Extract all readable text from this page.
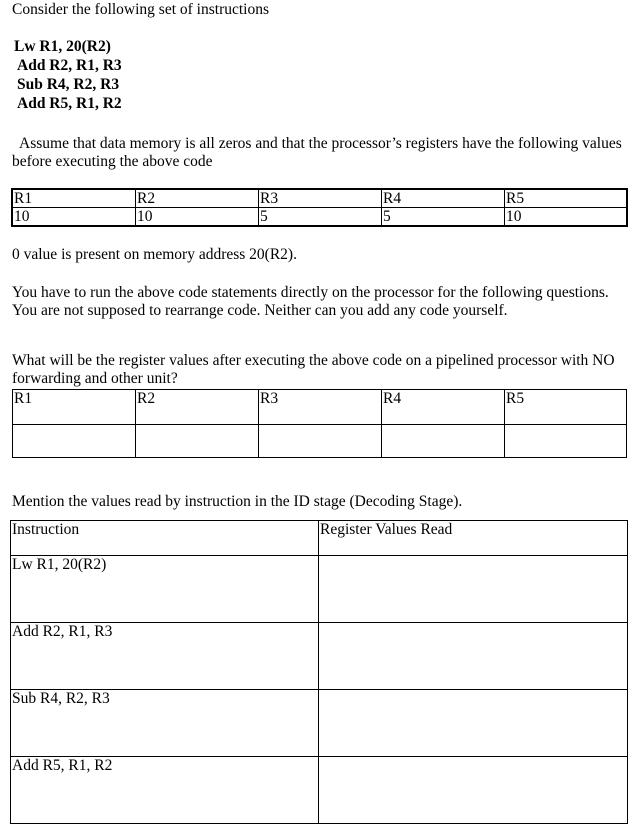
Consider the following set of instructions
Lw R1, 20(R2)
Add R2, R1, R3
Sub R4, R2, R3
Add R5, R1, R2
Assume that data memory is all zeros and that the processor’s registers have the following values before executing the above code
R1	R2	R3	R4	R5
10	10	5	5	10
0 value is present on memory address 20(R2).
You have to run the above code statements directly on the processor for the following questions. You are not supposed to rearrange code. Neither can you add any code yourself.
What will be the register values after executing the above code on a pipelined processor with NO forwarding and other unit?
R1	R2	R3	R4	R5

Mention the values read by instruction in the ID stage (Decoding Stage).
Instruction	Register Values Read
Lw R1, 20(R2)	
Add R2, R1, R3	
Sub R4, R2, R3	
Add R5, R1, R2	
